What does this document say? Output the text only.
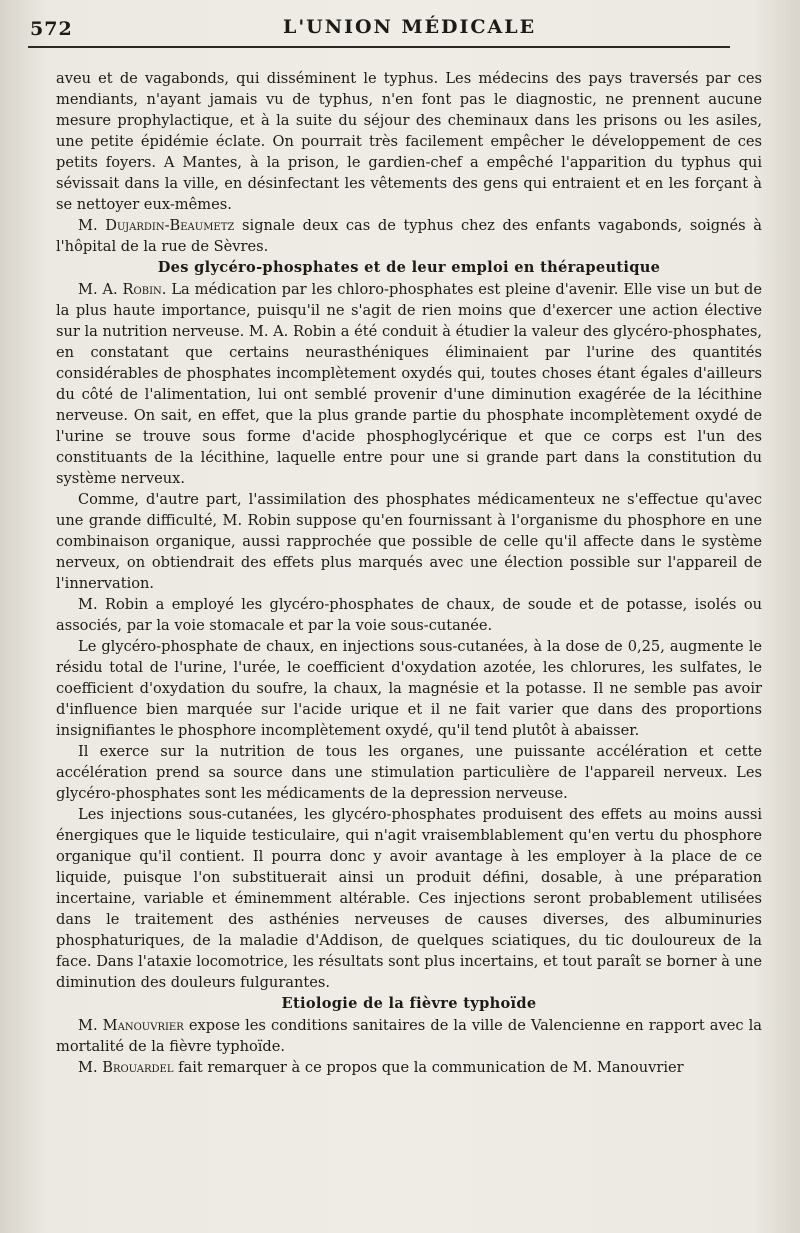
572	L'UNION MÉDICALE

aveu et de vagabonds, qui disséminent le typhus. Les médecins des pays traversés par ces mendiants, n'ayant jamais vu de typhus, n'en font pas le diagnostic, ne prennent aucune mesure prophylactique, et à la suite du séjour des cheminaux dans les prisons ou les asiles, une petite épidémie éclate. On pourrait très facilement empêcher le développement de ces petits foyers. A Mantes, à la prison, le gardien-chef a empêché l'apparition du typhus qui sévissait dans la ville, en désinfectant les vêtements des gens qui entraient et en les forçant à se nettoyer eux-mêmes.

M. Dujardin-Beaumetz signale deux cas de typhus chez des enfants vagabonds, soignés à l'hôpital de la rue de Sèvres.

Des glycéro-phosphates et de leur emploi en thérapeutique

M. A. Robin. La médication par les chloro-phosphates est pleine d'avenir. Elle vise un but de la plus haute importance, puisqu'il ne s'agit de rien moins que d'exercer une action élective sur la nutrition nerveuse. M. A. Robin a été conduit à étudier la valeur des glycéro-phosphates, en constatant que certains neurasthéniques éliminaient par l'urine des quantités considérables de phosphates incomplètement oxydés qui, toutes choses étant égales d'ailleurs du côté de l'alimentation, lui ont semblé provenir d'une diminution exagérée de la lécithine nerveuse. On sait, en effet, que la plus grande partie du phosphate incomplètement oxydé de l'urine se trouve sous forme d'acide phosphoglycérique et que ce corps est l'un des constituants de la lécithine, laquelle entre pour une si grande part dans la constitution du système nerveux.

Comme, d'autre part, l'assimilation des phosphates médicamenteux ne s'effectue qu'avec une grande difficulté, M. Robin suppose qu'en fournissant à l'organisme du phosphore en une combinaison organique, aussi rapprochée que possible de celle qu'il affecte dans le système nerveux, on obtiendrait des effets plus marqués avec une élection possible sur l'appareil de l'innervation.

M. Robin a employé les glycéro-phosphates de chaux, de soude et de potasse, isolés ou associés, par la voie stomacale et par la voie sous-cutanée.

Le glycéro-phosphate de chaux, en injections sous-cutanées, à la dose de 0,25, augmente le résidu total de l'urine, l'urée, le coefficient d'oxydation azotée, les chlorures, les sulfates, le coefficient d'oxydation du soufre, la chaux, la magnésie et la potasse. Il ne semble pas avoir d'influence bien marquée sur l'acide urique et il ne fait varier que dans des proportions insignifiantes le phosphore incomplètement oxydé, qu'il tend plutôt à abaisser.

Il exerce sur la nutrition de tous les organes, une puissante accélération et cette accélération prend sa source dans une stimulation particulière de l'appareil nerveux. Les glycéro-phosphates sont les médicaments de la depression nerveuse.

Les injections sous-cutanées, les glycéro-phosphates produisent des effets au moins aussi énergiques que le liquide testiculaire, qui n'agit vraisemblablement qu'en vertu du phosphore organique qu'il contient. Il pourra donc y avoir avantage à les employer à la place de ce liquide, puisque l'on substituerait ainsi un produit défini, dosable, à une préparation incertaine, variable et éminemment altérable. Ces injections seront probablement utilisées dans le traitement des asthénies nerveuses de causes diverses, des albuminuries phosphaturiques, de la maladie d'Addison, de quelques sciatiques, du tic douloureux de la face. Dans l'ataxie locomotrice, les résultats sont plus incertains, et tout paraît se borner à une diminution des douleurs fulgurantes.

Etiologie de la fièvre typhoïde

M. Manouvrier expose les conditions sanitaires de la ville de Valencienne en rapport avec la mortalité de la fièvre typhoïde.

M. Brouardel fait remarquer à ce propos que la communication de M. Manouvrier
